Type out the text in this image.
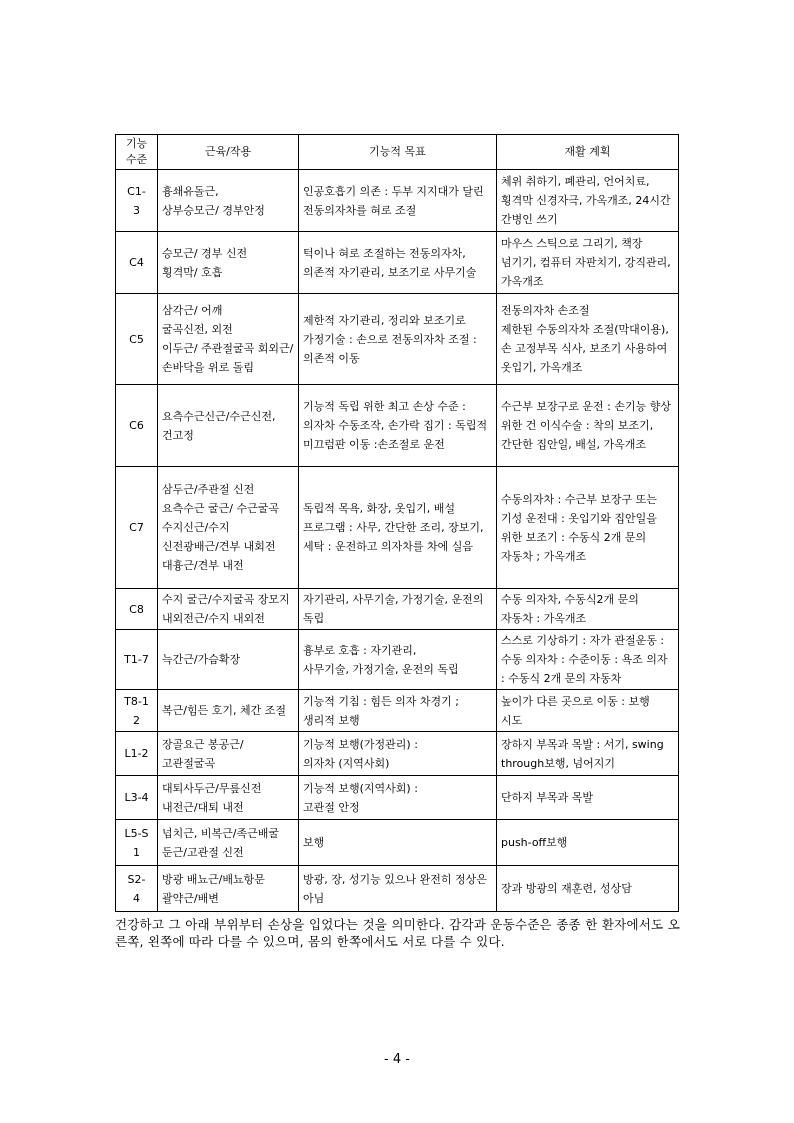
기능
수준	근육/작용	기능적 목표	재활 계획

C1-
3	흉쇄유돌근,
상부승모근/ 경부안정	인공호흡기 의존 : 두부 지지대가 달린 전동의자차를 혀로 조절	체위 취하기, 폐관리, 언어치료, 횡격막 신경자극, 가옥개조, 24시간 간병인 쓰기

C4	승모근/ 경부 신전
횡격막/ 호흡	턱이나 혀로 조절하는 전동의자차, 의존적 자기관리, 보조기로 사무기술	마우스 스틱으로 그리기, 책장 넘기기, 컴퓨터 자판치기, 강직관리, 가옥개조

C5	삼각근/ 어깨
굴곡신전, 외전
이두근/ 주관절굴곡 회외근/손바닥을 위로 돌림	제한적 자기관리, 정리와 보조기로 가정기술 : 손으로 전동의자차 조절 : 의존적 이동	전동의자차 손조절
제한된 수동의자차 조절(막대이용),손 고정부목 식사, 보조기 사용하여 옷입기, 가옥개조

C6	요측수근신근/수근신전, 건고정	기능적 독립 위한 최고 손상 수준 : 의자차 수동조작, 손가락 집기 : 독립적 미끄럼판 이동 :손조절로 운전	수근부 보장구로 운전 : 손기능 향상 위한 건 이식수술 : 착의 보조기, 간단한 집안일, 배설, 가옥개조

C7	삼두근/주관절 신전 요측수근 굴근/ 수근굴곡
수지신근/수지
신전광배근/견부 내회전
대흉근/견부 내전	독립적 목욕, 화장, 옷입기, 배설 프로그램 : 사무, 간단한 조리, 장보기, 세탁 : 운전하고 의자차를 차에 실음	수동의자차 : 수근부 보장구 또는 기성 운전대 : 옷입기와 집안일을 위한 보조기 : 수동식 2개 문의 자동차 ; 가옥개조

C8	수지 굴근/수지굴곡 장모지 내외전근/수지 내외전	자기관리, 사무기술, 가정기술, 운전의 독립	수동 의자차, 수동식2개 문의 자동차 : 가옥개조

T1-7	늑간근/가슴확장	흉부로 호흡 : 자기관리,
사무기술, 가정기술, 운전의 독립	스스로 기상하기 : 자가 관절운동 : 수동 의자차 : 수준이동 : 욕조 의자 : 수동식 2개 문의 자동차

T8-1
2	복근/힘든 호기, 체간 조절	기능적 기침 : 힘든 의자 차경기 ; 생리적 보행	높이가 다른 곳으로 이동 : 보행 시도

L1-2	장골요근 봉공근/고관절굴곡	기능적 보행(가정관리) :
의자차 (지역사회)	장하지 부목과 목발 : 서기, swing through보행, 넘어지기

L3-4	대퇴사두근/무릎신전 내전근/대퇴 내전	기능적 보행(지역사회) :
고관절 안정	단하지 부목과 목발

L5-S
1	넙치근, 비복근/족근배굴
둔근/고관절 신전	보행	push-off보행

S2-
4	방광 배뇨근/배뇨항문 괄약근/배변	방광, 장, 성기능 있으나 완전히 정상은 아님	장과 방광의 재훈련, 성상담
건강하고 그 아래 부위부터 손상을 입었다는 것을 의미한다. 감각과 운동수준은 종종 한 환자에서도 오른쪽, 왼쪽에 따라 다를 수 있으며, 몸의 한쪽에서도 서로 다를 수 있다.
- 4 -
